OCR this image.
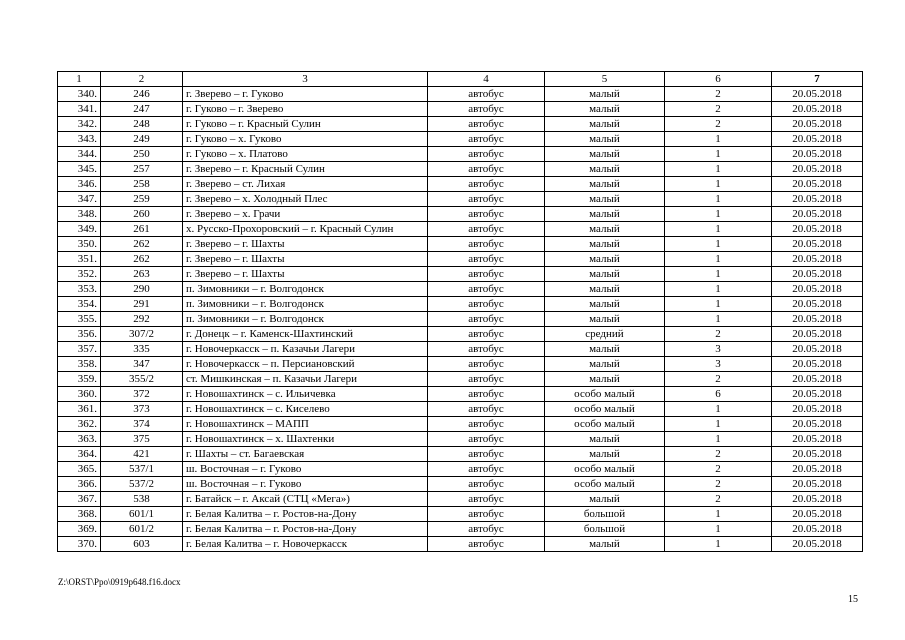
1	2	3	4	5	6	7
340.	246	г. Зверево – г. Гуково	автобус	малый	2	20.05.2018
341.	247	г. Гуково – г. Зверево	автобус	малый	2	20.05.2018
342.	248	г. Гуково – г. Красный Сулин	автобус	малый	2	20.05.2018
343.	249	г. Гуково – х. Гуково	автобус	малый	1	20.05.2018
344.	250	г. Гуково – х. Платово	автобус	малый	1	20.05.2018
345.	257	г. Зверево – г. Красный Сулин	автобус	малый	1	20.05.2018
346.	258	г. Зверево – ст. Лихая	автобус	малый	1	20.05.2018
347.	259	г. Зверево – х. Холодный Плес	автобус	малый	1	20.05.2018
348.	260	г. Зверево – х. Грачи	автобус	малый	1	20.05.2018
349.	261	х. Русско-Прохоровский – г. Красный Сулин	автобус	малый	1	20.05.2018
350.	262	г. Зверево – г. Шахты	автобус	малый	1	20.05.2018
351.	262	г. Зверево – г. Шахты	автобус	малый	1	20.05.2018
352.	263	г. Зверево – г. Шахты	автобус	малый	1	20.05.2018
353.	290	п. Зимовники – г. Волгодонск	автобус	малый	1	20.05.2018
354.	291	п. Зимовники – г. Волгодонск	автобус	малый	1	20.05.2018
355.	292	п. Зимовники – г. Волгодонск	автобус	малый	1	20.05.2018
356.	307/2	г. Донецк – г. Каменск-Шахтинский	автобус	средний	2	20.05.2018
357.	335	г. Новочеркасск – п. Казачьи Лагери	автобус	малый	3	20.05.2018
358.	347	г. Новочеркасск – п. Персиановский	автобус	малый	3	20.05.2018
359.	355/2	ст. Мишкинская – п. Казачьи Лагери	автобус	малый	2	20.05.2018
360.	372	г. Новошахтинск – с. Ильичевка	автобус	особо малый	6	20.05.2018
361.	373	г. Новошахтинск – с. Киселево	автобус	особо малый	1	20.05.2018
362.	374	г. Новошахтинск – МАПП	автобус	особо малый	1	20.05.2018
363.	375	г. Новошахтинск – х. Шахтенки	автобус	малый	1	20.05.2018
364.	421	г. Шахты – ст. Багаевская	автобус	малый	2	20.05.2018
365.	537/1	ш. Восточная – г. Гуково	автобус	особо малый	2	20.05.2018
366.	537/2	ш. Восточная – г. Гуково	автобус	особо малый	2	20.05.2018
367.	538	г. Батайск – г. Аксай (СТЦ «Мега»)	автобус	малый	2	20.05.2018
368.	601/1	г. Белая Калитва – г. Ростов-на-Дону	автобус	большой	1	20.05.2018
369.	601/2	г. Белая Калитва – г. Ростов-на-Дону	автобус	большой	1	20.05.2018
370.	603	г. Белая Калитва – г. Новочеркасск	автобус	малый	1	20.05.2018
Z:\ORST\Ppo\0919p648.f16.docx
15
